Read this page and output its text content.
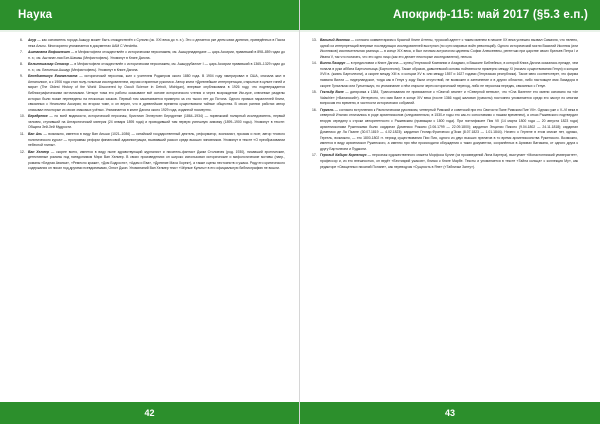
Наука
6. Асур — как основатель города Ашшур может быть отождествлён с Сулили (ок. XXI века до н. э.). Это о делается рке днем ывах древних, приведённых в Пасха нека Альгы. Многократно упоминается в документах ААМ С Vendetta.
7. Аштаната Вофиалешт — в Мефистофели отождествлён с историческим персонажем, см. Ашшурнадиндахе — царь Ассирии, правивший в 898–859 годах до н. э.; см. Аштанат-ная Бит-Шамаш (Мефистофель). Упомянут в Книге Дагона.
8. Бельтешаззар Сенасор — в Мефистофели отождествлён с историческим персонажем, см. Ашшурубаллит I — царь Ассирии правивший в 1365–1329 годах до н. э.; см. Бельтеши-Ашшур (Мефистофель). Упомянут в Книге Дагона.
9. Бенедиктикус Евангелиста — исторический персонаж, жил с учителем Роджером около 1880 года. В 1904 году эмигрировал в США, сначала жил в Аннаполисе, а с 1906 года стал полу-тольным исследователем, изучая старинные рукописи. Автор книги «Древнейшие интерпретации, открытые в культе гиней и мира» (The Oldest History of the World Discovered by Occult Science in Detroit, Michigan), впервые опубликована в 1926 году, что подтверждается библиографическими источниками. Четыре тома его работы оказывают всё основе исторического чтения и через возрождение Им-сусе, ключевые разделы которых были позже переведены на несколько языков. Первый том заканчивается примерно за сто тысяч лет до Потопа. Одного прямых параллелей Книги, связанных с Неаполем Ассирии; во втором томе, и он верил, что в древнейшие времена существовали тайные общества. В своих ранних работах автор описывал некоторые из своих знакомых учёных. Упоминается в книге Дагона около 1929 года, изданной посмертно.
10. Бергдренке — по всей видимости, исторический персонаж, Кристиан Эллертсен Бергдренке (1864–1934) — норвежский полярный исследователь, первый человек, ступивший на Антарктический материк (24 января 1895 года) и проводивший там первую успешную зимовку (1899–1900 годы). Упомянут в тексте: Община Зей-Зей Мудрости.
11. Ван Ань — возможно, имеется в виду Ван Аньши (1021–1086) — китайский государственный деятель, реформатор, экономист, прозаик и поэт, автор «нового политического курса» — программы реформ финансовой администрации, вызвавший раскол среди высших чиновников. Упомянут в тексте «О преобразовании небесной глины».
12. Ван Хелмер — скорее всего, имеется в виду ныне здравствующий журналист и писатель-фантаст Джим Столовчек (род. 1930), писавший эротические, детективные романы под псевдонимом Мэри Ван Хелмер. В своих произведениях он широко использовал исторические и мифологические мотивы (напр., романы «Бедная Аванса», «Ремесло кражи», «Дом Бодрости», «Адам и Ева», «Древние Маха Хорек»), а также сцены нестоинств и ужаса. Ряду его критического содержания он писал под другими псевдонимами, Огюст Джон. Упоминаний Ван Хелмер текст «Чёрные Культы» в его официальную библиографию не вошли.
42
Апокриф-115: май 2017 (§5.3 е.п.)
13. Василий Иконник — согласно комментариям к Красной Книге Аттены, «русский адепт» с таким именем в начале XX века успешно вызвал Самаэля, что нелепо, одной из интерпретаций впервые последующих исследователей выступил (по сути мировых войн революций). Одного исторический могли Василий Иконник (или Иконников) исключительная разница — в конце XIX века, и был личным астрологом царевны Софии Алексеевны, регентши при царстве своих братьев Петра I и Ивана V, так что полагать, что это одно лицо (как это делает некоторые исследователи), нельзя.
14. Вилли Лазарус — в предисловии к Книге Дагона — купец Генуэзской Компании и Ахадмиз, и Вашкинг Библейных, в которой Книга Дагона оказалась прежде, чем попала в руки аббата Бартолоньяца (Бартолеони). Также образов, давыневский основы пойтивности примерно между XI (начало существования Генуи) и концом XVII в. (жизнь Бартолеони), а скорее между XIII в. и концом XV в. или между 1557 и 1627 годами (Генуэзская республика). Такое явно соответствует, что фирма назвала Вилли — нидерландское, тогда как в Генуэ у зоду были отсутствий, не возможен и затемнение и в других областях, либо настоящее имя Лазадора в скорее Гульельмо или Гульельмус, но упоминание о нём открыли через исторический переход, либо не персонаж передач, связанных с Генуе.
15. Гекльдр Вале — датировка к 1384, Трансильвания не привязанное к «Святой земле» и «Северной ветвью», что «Сна Валенн» его имени основано на «de Valachie» («Валахский»). Интересно, что имя Вале в конце XIV века (после 1366 года) жалован (грамоты) постоянно упоминается среди его заслуг по многим вопросам его времени, в частности исторических собраний.
16. Гергель — согласно вступлению к Ракнотическим рукописям, четвертый Римский и советский при его Святости Папе Римском Пие VII». Однако уже с V–VI века в северной Италии отличались в роде архиепископов (следовательно, в 1530-е годы это как-то сопоставимо с нашим временем), а отказ Рыжевского подтвердил вторую середину к строки авторитетности с Рыжевским (правящим с 1800 года). При понтификате Пия VII (14 марта 1800 года — 20 августа 1823 года) архиепископами Руженскими были: кардинал Доменико Рожано (2.06.1799 — 22.09.1800); кардинал Энцилио Пиколо (9.04.1802 — 24.11.1818); кардинал Доменико де Ла Пьюне (30.07.1819 — 4.02.1823); кардинал Геонар-Франческо д'Эски (8.07.1823 — 1.01.1844). Ничего о Гергеле в этом списке нет, однако, Гергель, возможно, — это 1800-1802 гг. период существования Пии Пия, одного из двух высших прелатов в то время архиепископства Руженского. Возможно, имеется в виду архиепископ Руженского, а именно при нём происходили обсуждения о таких документах, сохранённых в Архивах Ватикана, от одного друга к другу Бартолеони и Пуджони.
17. Герольд Кабиро Корнелиус — персонаж художественного сюжета Морфоса Кулле (из произведений Лина Картера), выступает «Монастонниский университет», профессор и, из его внешностью, он ведёт «Бестиарий ужасов», близок к Книге Марбе. Тексты и упоминается в тексте «Тайна кольца» с коллекция Му», как редакторе «Священных писаний Понапе», как переводчик «Сущность в Яне» («Таблички Занту»).
43
